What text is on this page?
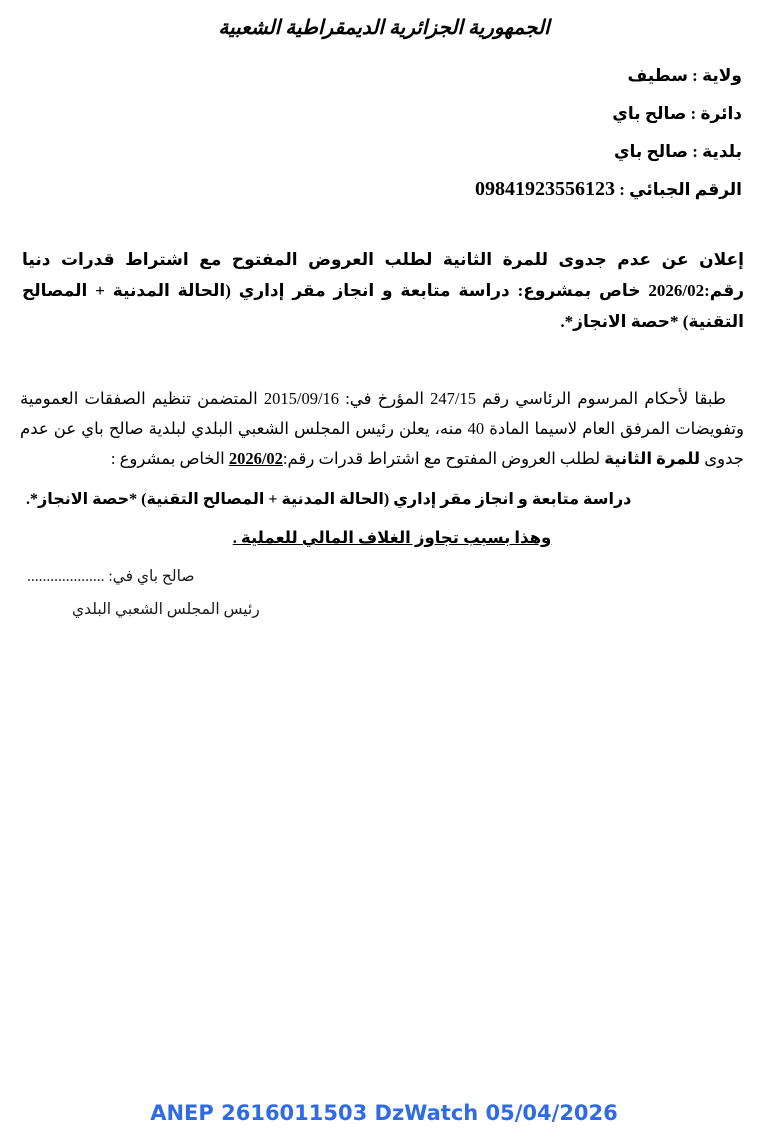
الجمهورية الجزائرية الديمقراطية الشعبية
ولاية : سطيف
دائرة : صالح باي
بلدية : صالح باي
الرقم الجبائي : 09841923556123
إعلان عن عدم جدوى للمرة الثانية لطلب العروض المفتوح مع اشتراط قدرات دنيا رقم:2026/02 خاص بمشروع: دراسة متابعة و انجاز مقر إداري (الحالة المدنية + المصالح التقنية) *حصة الانجاز*.
طبقا لأحكام المرسوم الرئاسي رقم 247/15 المؤرخ في: 2015/09/16 المتضمن تنظيم الصفقات العمومية وتفويضات المرفق العام لاسيما المادة 40 منه، يعلن رئيس المجلس الشعبي البلدي لبلدية صالح باي عن عدم جدوى للمرة الثانية لطلب العروض المفتوح مع اشتراط قدرات رقم:2026/02 الخاص بمشروع :
دراسة متابعة و انجاز مقر إداري (الحالة المدنية + المصالح التقنية) *حصة الانجاز*.
وهذا بسبب تجاوز الغلاف المالي للعملية .
صالح باي في: ....................
رئيس المجلس الشعبي البلدي
ANEP 2616011503 DzWatch 05/04/2026
